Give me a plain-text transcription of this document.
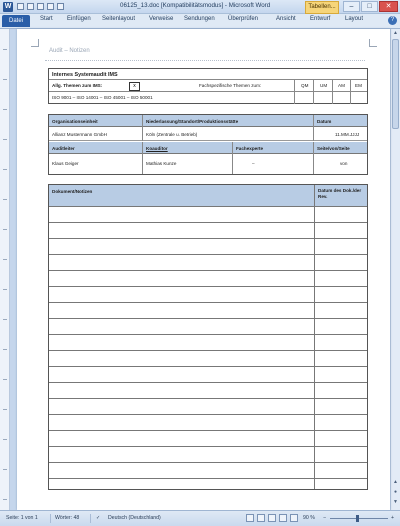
W	06125_13.doc [Kompatibilitätsmodus] - Microsoft Word	Tabellen...	–	□	✕
Datei	Start Einfügen Seitenlayout Verweise Sendungen Überprüfen	Ansicht Entwurf Layout	?
▲
▲
●
▼
Audit – Notizen
Internes Systemaudit IMS
Allg. Themen zum IMS:	x	Fachspezifische Themen zum:	QM	UM AM EM
ISO 9001 – ISO 14001 – ISO 45001 – ISO 50001
Organisationseinheit	Niederlassung/Standort/Produktionsstätte	Datum
Allianz Mustermann GmbH	Köln (Zentrale u. Betrieb)	11.MM.JJJJ
Auditleiter	Koauditor	Fachexperte	Seite/von/Seite
Klaus Geiger	Mathias Kunze	–	von
Dokument/Notizen	Datum des Dok./der Rev.
Seite: 1 von 1	Wörter: 48	✓ Deutsch (Deutschland)	90 % −	+
